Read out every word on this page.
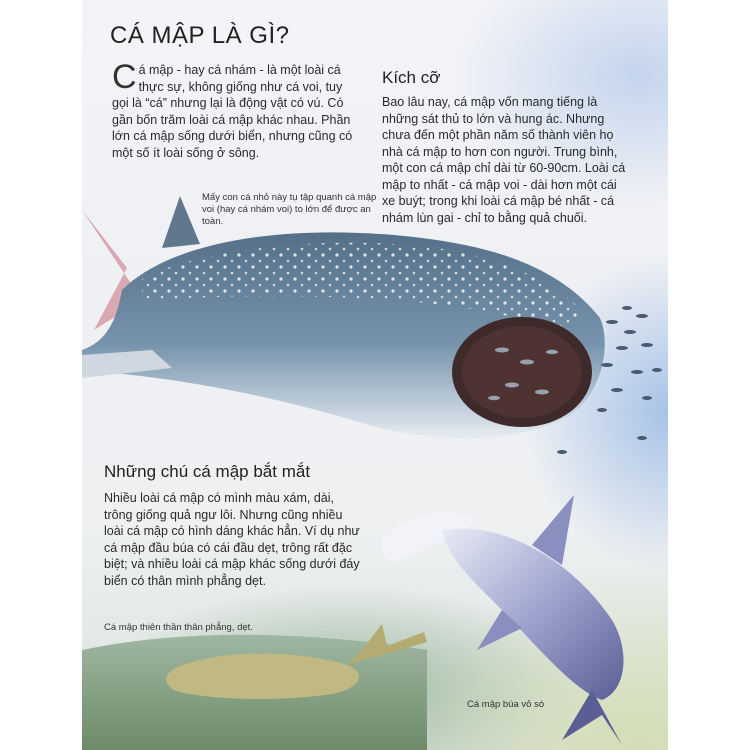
CÁ MẬP LÀ GÌ?
Cá mập - hay cá nhám - là một loài cá thực sự, không giống như cá voi, tuy gọi là “cá” nhưng lại là động vật có vú. Có gần bốn trăm loài cá mập khác nhau. Phần lớn cá mập sống dưới biển, nhưng cũng có một số ít loài sống ở sông.
Kích cỡ
Bao lâu nay, cá mập vốn mang tiếng là những sát thủ to lớn và hung ác. Nhưng chưa đến một phần năm số thành viên họ nhà cá mập to hơn con người. Trung bình, một con cá mập chỉ dài từ 60-90cm. Loài cá mập to nhất - cá mập voi - dài hơn một cái xe buýt; trong khi loài cá mập bé nhất - cá nhám lùn gai - chỉ to bằng quả chuối.
Mấy con cá nhỏ này tụ tập quanh cá mập voi (hay cá nhám voi) to lớn để được an toàn.
Những chú cá mập bắt mắt
Nhiều loài cá mập có mình màu xám, dài, trông giống quả ngư lôi. Nhưng cũng nhiều loài cá mập có hình dáng khác hẳn. Ví dụ như cá mập đầu búa có cái đầu dẹt, trông rất đặc biệt; và nhiều loài cá mập khác sống dưới đáy biển có thân mình phẳng dẹt.
Cá mập thiên thần thân phẳng, dẹt.
Cá mập búa vỏ sò
